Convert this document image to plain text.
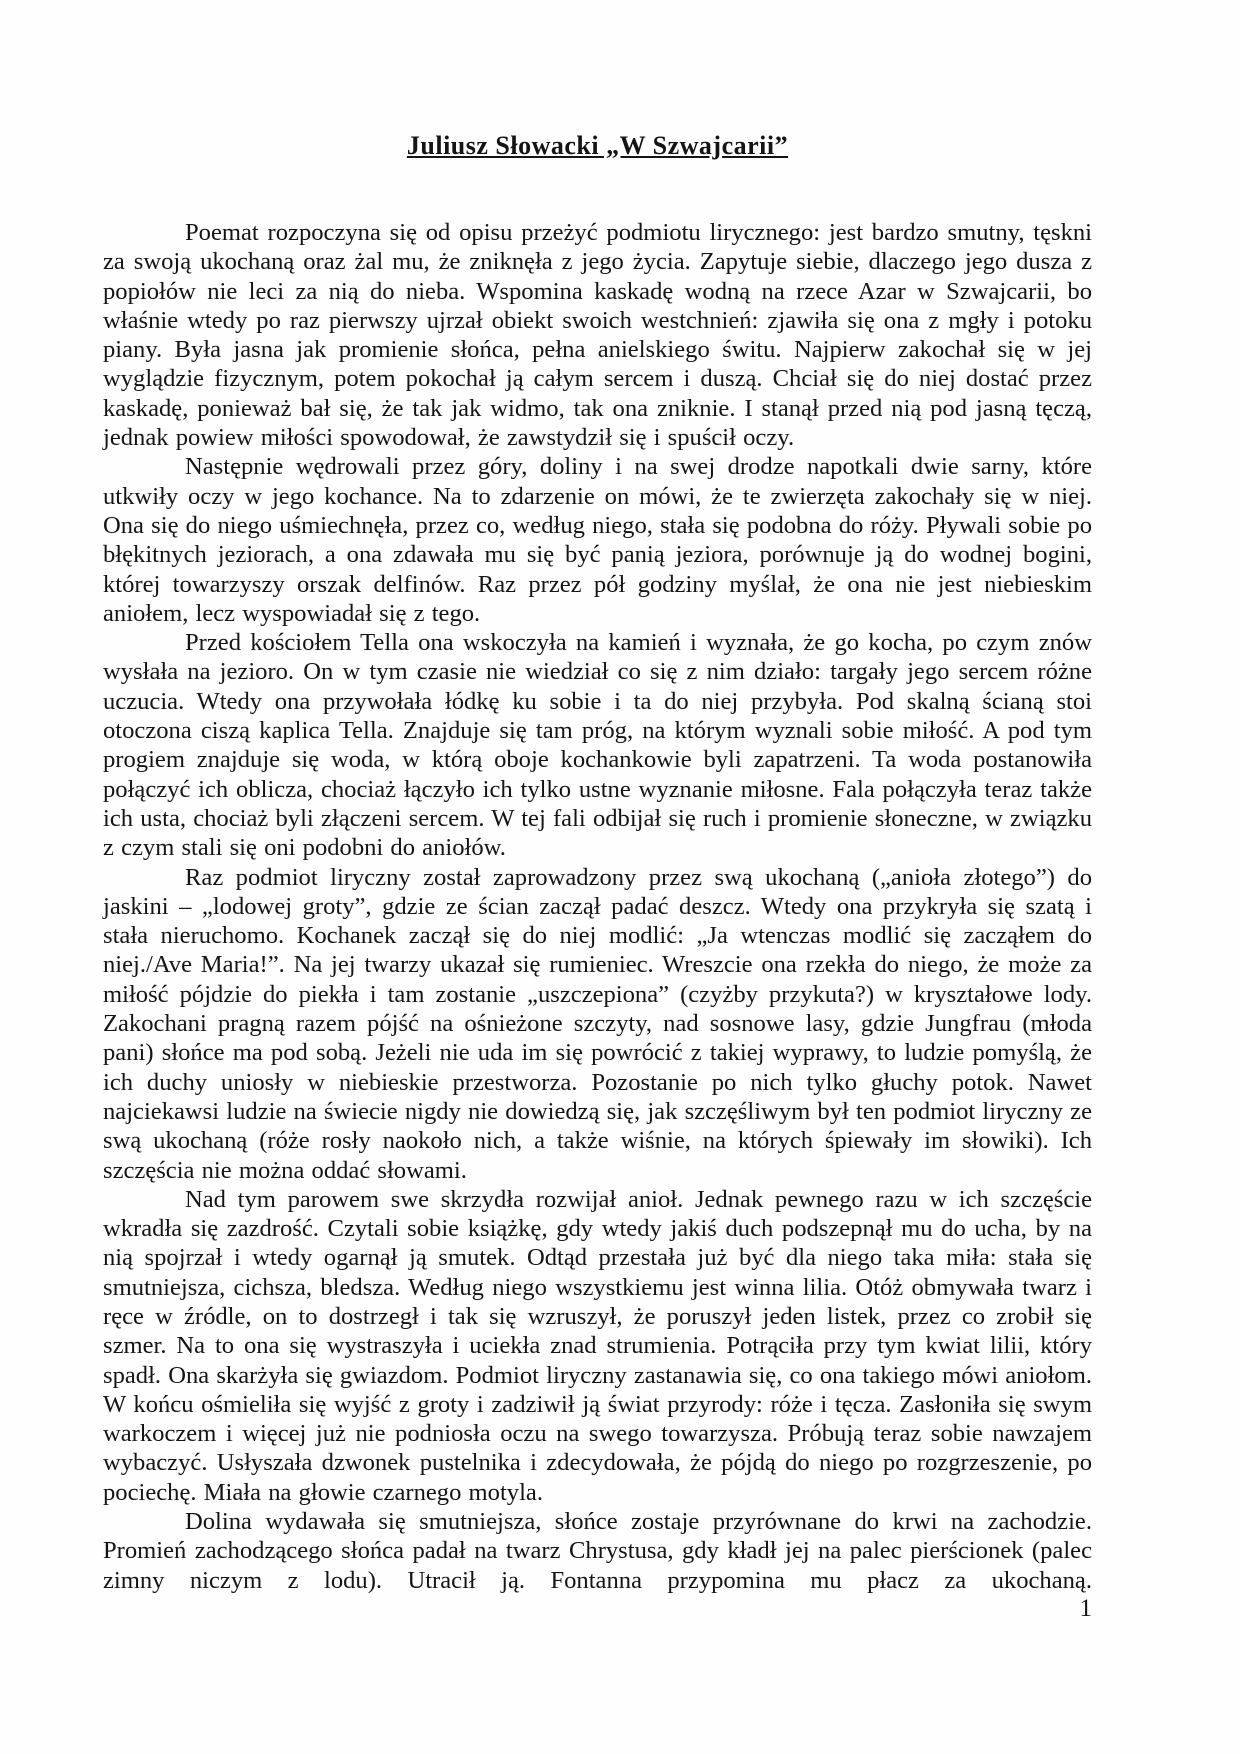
Juliusz Słowacki „W Szwajcarii”

Poemat rozpoczyna się od opisu przeżyć podmiotu lirycznego: jest bardzo smutny, tęskni za swoją ukochaną oraz żal mu, że zniknęła z jego życia. Zapytuje siebie, dlaczego jego dusza z popiołów nie leci za nią do nieba. Wspomina kaskadę wodną na rzece Azar w Szwajcarii, bo właśnie wtedy po raz pierwszy ujrzał obiekt swoich westchnień: zjawiła się ona z mgły i potoku piany. Była jasna jak promienie słońca, pełna anielskiego świtu. Najpierw zakochał się w jej wyglądzie fizycznym, potem pokochał ją całym sercem i duszą. Chciał się do niej dostać przez kaskadę, ponieważ bał się, że tak jak widmo, tak ona zniknie. I stanął przed nią pod jasną tęczą, jednak powiew miłości spowodował, że zawstydził się i spuścił oczy.

Następnie wędrowali przez góry, doliny i na swej drodze napotkali dwie sarny, które utkwiły oczy w jego kochance. Na to zdarzenie on mówi, że te zwierzęta zakochały się w niej. Ona się do niego uśmiechnęła, przez co, według niego, stała się podobna do róży. Pływali sobie po błękitnych jeziorach, a ona zdawała mu się być panią jeziora, porównuje ją do wodnej bogini, której towarzyszy orszak delfinów. Raz przez pół godziny myślał, że ona nie jest niebieskim aniołem, lecz wyspowiadał się z tego.

Przed kościołem Tella ona wskoczyła na kamień i wyznała, że go kocha, po czym znów wysłała na jezioro. On w tym czasie nie wiedział co się z nim działo: targały jego sercem różne uczucia. Wtedy ona przywołała łódkę ku sobie i ta do niej przybyła. Pod skalną ścianą stoi otoczona ciszą kaplica Tella. Znajduje się tam próg, na którym wyznali sobie miłość. A pod tym progiem znajduje się woda, w którą oboje kochankowie byli zapatrzeni. Ta woda postanowiła połączyć ich oblicza, chociaż łączyło ich tylko ustne wyznanie miłosne. Fala połączyła teraz także ich usta, chociaż byli złączeni sercem. W tej fali odbijał się ruch i promienie słoneczne, w związku z czym stali się oni podobni do aniołów.

Raz podmiot liryczny został zaprowadzony przez swą ukochaną („anioła złotego”) do jaskini – „lodowej groty”, gdzie ze ścian zaczął padać deszcz. Wtedy ona przykryła się szatą i stała nieruchomo. Kochanek zaczął się do niej modlić: „Ja wtenczas modlić się zacząłem do niej./Ave Maria!”. Na jej twarzy ukazał się rumieniec. Wreszcie ona rzekła do niego, że może za miłość pójdzie do piekła i tam zostanie „uszczepiona” (czyżby przykuta?) w kryształowe lody. Zakochani pragną razem pójść na ośnieżone szczyty, nad sosnowe lasy, gdzie Jungfrau (młoda pani) słońce ma pod sobą. Jeżeli nie uda im się powrócić z takiej wyprawy, to ludzie pomyślą, że ich duchy uniosły w niebieskie przestworza. Pozostanie po nich tylko głuchy potok. Nawet najciekawsi ludzie na świecie nigdy nie dowiedzą się, jak szczęśliwym był ten podmiot liryczny ze swą ukochaną (róże rosły naokoło nich, a także wiśnie, na których śpiewały im słowiki). Ich szczęścia nie można oddać słowami.

Nad tym parowem swe skrzydła rozwijał anioł. Jednak pewnego razu w ich szczęście wkradła się zazdrość. Czytali sobie książkę, gdy wtedy jakiś duch podszepnął mu do ucha, by na nią spojrzał i wtedy ogarnął ją smutek. Odtąd przestała już być dla niego taka miła: stała się smutniejsza, cichsza, bledsza. Według niego wszystkiemu jest winna lilia. Otóż obmywała twarz i ręce w źródle, on to dostrzegł i tak się wzruszył, że poruszył jeden listek, przez co zrobił się szmer. Na to ona się wystraszyła i uciekła znad strumienia. Potrąciła przy tym kwiat lilii, który spadł. Ona skarżyła się gwiazdom. Podmiot liryczny zastanawia się, co ona takiego mówi aniołom. W końcu ośmieliła się wyjść z groty i zadziwił ją świat przyrody: róże i tęcza. Zasłoniła się swym warkoczem i więcej już nie podniosła oczu na swego towarzysza. Próbują teraz sobie nawzajem wybaczyć. Usłyszała dzwonek pustelnika i zdecydowała, że pójdą do niego po rozgrzeszenie, po pociechę. Miała na głowie czarnego motyla.

Dolina wydawała się smutniejsza, słońce zostaje przyrównane do krwi na zachodzie. Promień zachodzącego słońca padał na twarz Chrystusa, gdy kładł jej na palec pierścionek (palec zimny niczym z lodu). Utracił ją. Fontanna przypomina mu płacz za ukochaną.

1
